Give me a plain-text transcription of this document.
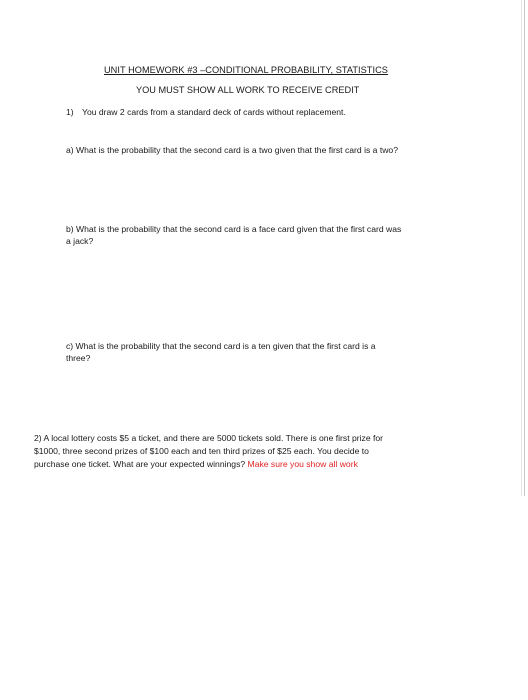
UNIT HOMEWORK #3 –CONDITIONAL PROBABILITY, STATISTICS
YOU MUST SHOW ALL WORK TO RECEIVE CREDIT
1) You draw 2 cards from a standard deck of cards without replacement.
a) What is the probability that the second card is a two given that the first card is a two?
b) What is the probability that the second card is a face card given that the first card was
a jack?
c) What is the probability that the second card is a ten given that the first card is a
three?
2) A local lottery costs $5 a ticket, and there are 5000 tickets sold. There is one first prize for
$1000, three second prizes of $100 each and ten third prizes of $25 each. You decide to
purchase one ticket. What are your expected winnings? Make sure you show all work
